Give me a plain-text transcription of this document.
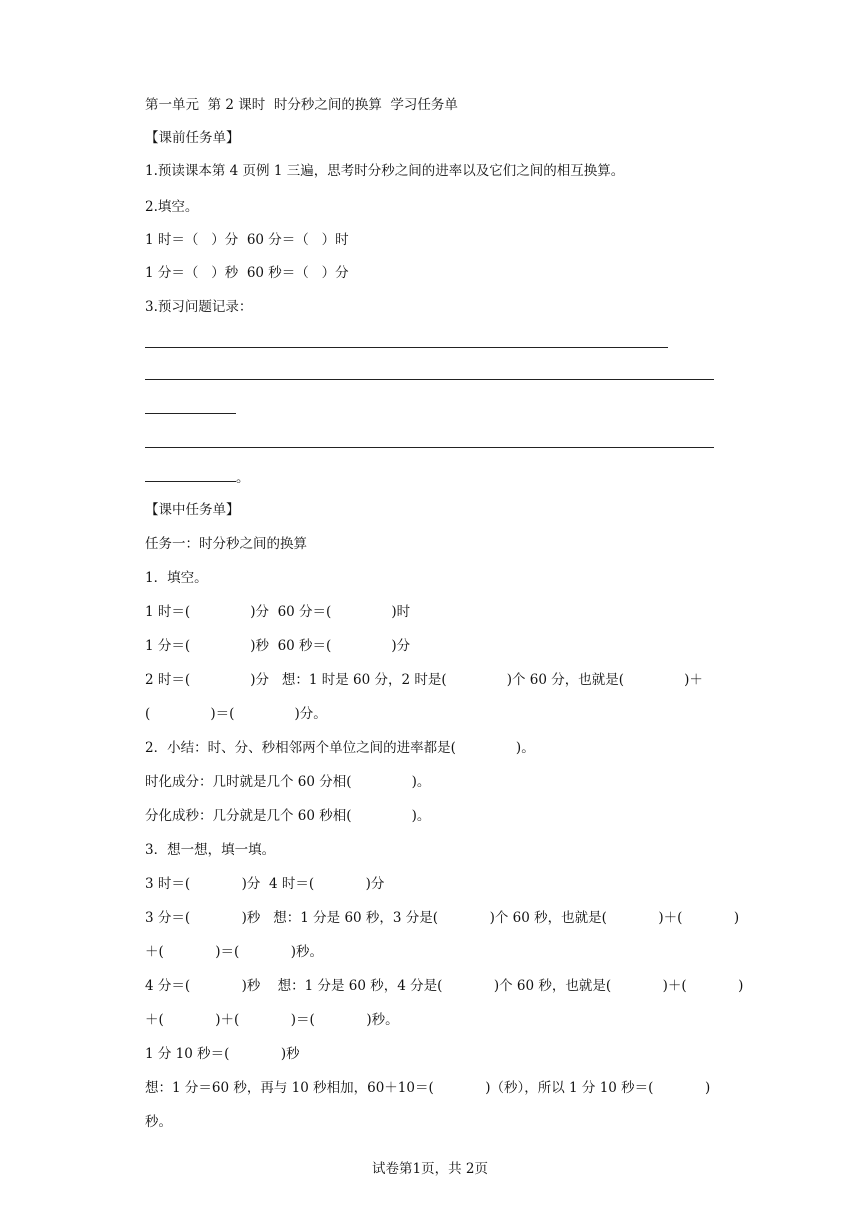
第一单元  第 2 课时  时分秒之间的换算  学习任务单
【课前任务单】
1.预读课本第 4 页例 1 三遍，思考时分秒之间的进率以及它们之间的相互换算。
2.填空。
1 时＝（   ）分  60 分＝（   ）时
1 分＝（   ）秒  60 秒＝（   ）分
3.预习问题记录：
。
【课中任务单】
任务一：时分秒之间的换算
1．填空。
1 时＝(              )分  60 分＝(              )时
1 分＝(              )秒  60 秒＝(              )分
2 时＝(              )分   想：1 时是 60 分，2 时是(              )个 60 分，也就是(              )＋
(              )＝(              )分。
2．小结：时、分、秒相邻两个单位之间的进率都是(              )。
时化成分：几时就是几个 60 分相(              )。
分化成秒：几分就是几个 60 秒相(              )。
3．想一想，填一填。
3 时＝(            )分  4 时＝(            )分
3 分＝(            )秒   想：1 分是 60 秒，3 分是(            )个 60 秒，也就是(            )＋(            )
＋(            )＝(            )秒。
4 分＝(            )秒    想：1 分是 60 秒，4 分是(            )个 60 秒，也就是(            )＋(            )
＋(            )＋(            )＝(            )秒。
1 分 10 秒＝(            )秒
想：1 分＝60 秒，再与 10 秒相加，60＋10＝(            )（秒），所以 1 分 10 秒＝(            )
秒。
试卷第1页，共 2页
